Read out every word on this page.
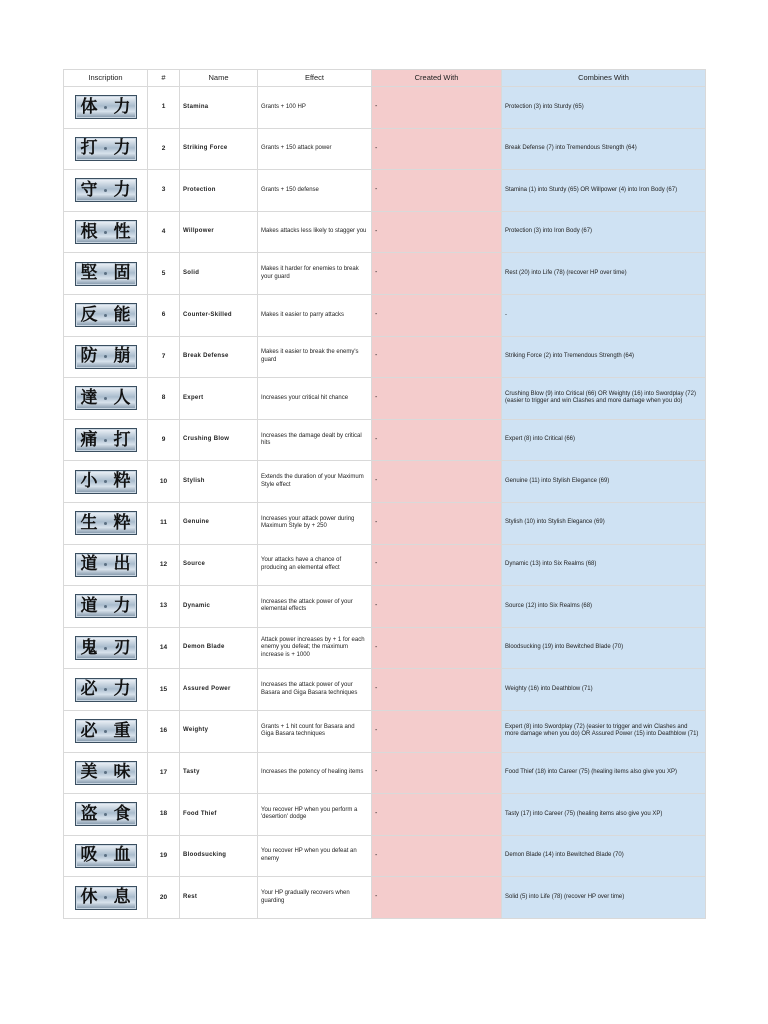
Inscription	#	Name	Effect	Created With	Combines With

体 力	1	Stamina	Grants + 100 HP	-	Protection (3) into Sturdy (65)

打 力	2	Striking Force	Grants + 150 attack power	-	Break Defense (7) into Tremendous Strength (64)

守 力	3	Protection	Grants + 150 defense	-	Stamina (1) into Sturdy (65) OR Willpower (4) into Iron Body (67)

根 性	4	Willpower	Makes attacks less likely to stagger you	-	Protection (3) into Iron Body (67)

堅 固	5	Solid	Makes it harder for enemies to break your guard	-	Rest (20) into Life (78) (recover HP over time)

反 能	6	Counter-Skilled	Makes it easier to parry attacks	-	-

防 崩	7	Break Defense	Makes it easier to break the enemy's guard	-	Striking Force (2) into Tremendous Strength (64)

達 人	8	Expert	Increases your critical hit chance	-	Crushing Blow (9) into Critical (66) OR Weighty (16) into Swordplay (72) (easier to trigger and win Clashes and more damage when you do)

痛 打	9	Crushing Blow	Increases the damage dealt by critical hits	-	Expert (8) into Critical (66)

小 粋	10	Stylish	Extends the duration of your Maximum Style effect	-	Genuine (11) into Stylish Elegance (69)

生 粋	11	Genuine	Increases your attack power during Maximum Style by + 250	-	Stylish (10) into Stylish Elegance (69)

道 出	12	Source	Your attacks have a chance of producing an elemental effect	-	Dynamic (13) into Six Realms (68)

道 力	13	Dynamic	Increases the attack power of your elemental effects	-	Source (12) into Six Realms (68)

鬼 刃	14	Demon Blade	Attack power increases by + 1 for each enemy you defeat; the maximum increase is + 1000	-	Bloodsucking (19) into Bewitched Blade (70)

必 力	15	Assured Power	Increases the attack power of your Basara and Giga Basara techniques	-	Weighty (16) into Deathblow (71)

必 重	16	Weighty	Grants + 1 hit count for Basara and Giga Basara techniques	-	Expert (8) into Swordplay (72) (easier to trigger and win Clashes and more damage when you do) OR Assured Power (15) into Deathblow (71)

美 味	17	Tasty	Increases the potency of healing items	-	Food Thief (18) into Career (75) (healing items also give you XP)

盗 食	18	Food Thief	You recover HP when you perform a 'desertion' dodge	-	Tasty (17) into Career (75) (healing items also give you XP)

吸 血	19	Bloodsucking	You recover HP when you defeat an enemy	-	Demon Blade (14) into Bewitched Blade (70)

休 息	20	Rest	Your HP gradually recovers when guarding	-	Solid (5) into Life (78) (recover HP over time)
